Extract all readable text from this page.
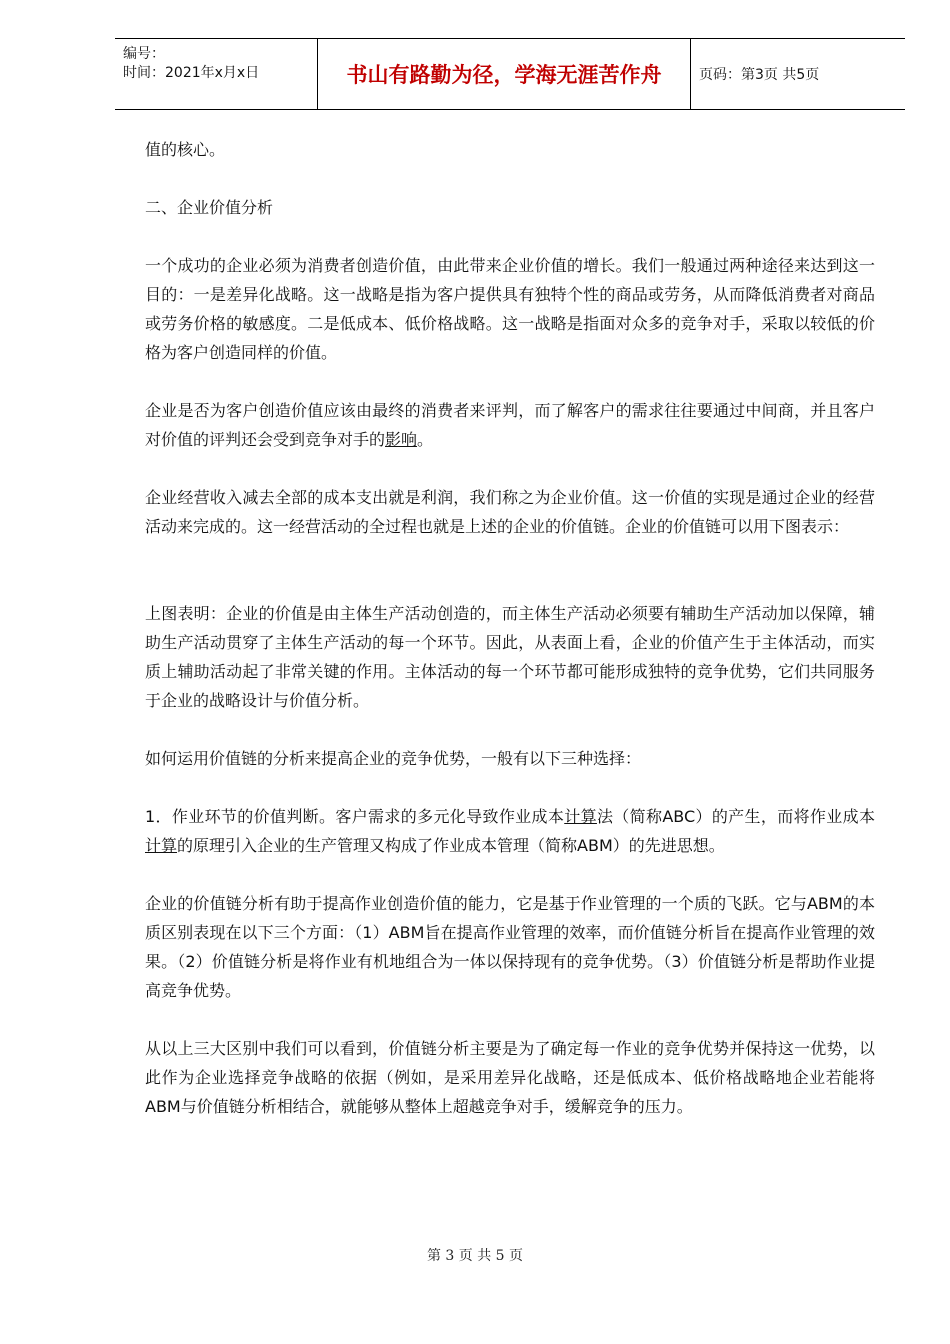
编号：
时间：2021年x月x日	书山有路勤为径，学海无涯苦作舟	页码：第3页 共5页

值的核心。

二、企业价值分析

一个成功的企业必须为消费者创造价值，由此带来企业价值的增长。我们一般通过两种途径来达到这一目的：一是差异化战略。这一战略是指为客户提供具有独特个性的商品或劳务，从而降低消费者对商品或劳务价格的敏感度。二是低成本、低价格战略。这一战略是指面对众多的竞争对手，采取以较低的价格为客户创造同样的价值。

企业是否为客户创造价值应该由最终的消费者来评判，而了解客户的需求往往要通过中间商，并且客户对价值的评判还会受到竞争对手的影响。

企业经营收入减去全部的成本支出就是利润，我们称之为企业价值。这一价值的实现是通过企业的经营活动来完成的。这一经营活动的全过程也就是上述的企业的价值链。企业的价值链可以用下图表示：

上图表明：企业的价值是由主体生产活动创造的，而主体生产活动必须要有辅助生产活动加以保障，辅助生产活动贯穿了主体生产活动的每一个环节。因此，从表面上看，企业的价值产生于主体活动，而实质上辅助活动起了非常关键的作用。主体活动的每一个环节都可能形成独特的竞争优势，它们共同服务于企业的战略设计与价值分析。

如何运用价值链的分析来提高企业的竞争优势，一般有以下三种选择：

1．作业环节的价值判断。客户需求的多元化导致作业成本计算法（简称ABC）的产生，而将作业成本计算的原理引入企业的生产管理又构成了作业成本管理（简称ABM）的先进思想。

企业的价值链分析有助于提高作业创造价值的能力，它是基于作业管理的一个质的飞跃。它与ABM的本质区别表现在以下三个方面：（1）ABM旨在提高作业管理的效率，而价值链分析旨在提高作业管理的效果。（2）价值链分析是将作业有机地组合为一体以保持现有的竞争优势。（3）价值链分析是帮助作业提高竞争优势。

从以上三大区别中我们可以看到，价值链分析主要是为了确定每一作业的竞争优势并保持这一优势，以此作为企业选择竞争战略的依据（例如，是采用差异化战略，还是低成本、低价格战略地企业若能将ABM与价值链分析相结合，就能够从整体上超越竞争对手，缓解竞争的压力。

第 3 页 共 5 页
